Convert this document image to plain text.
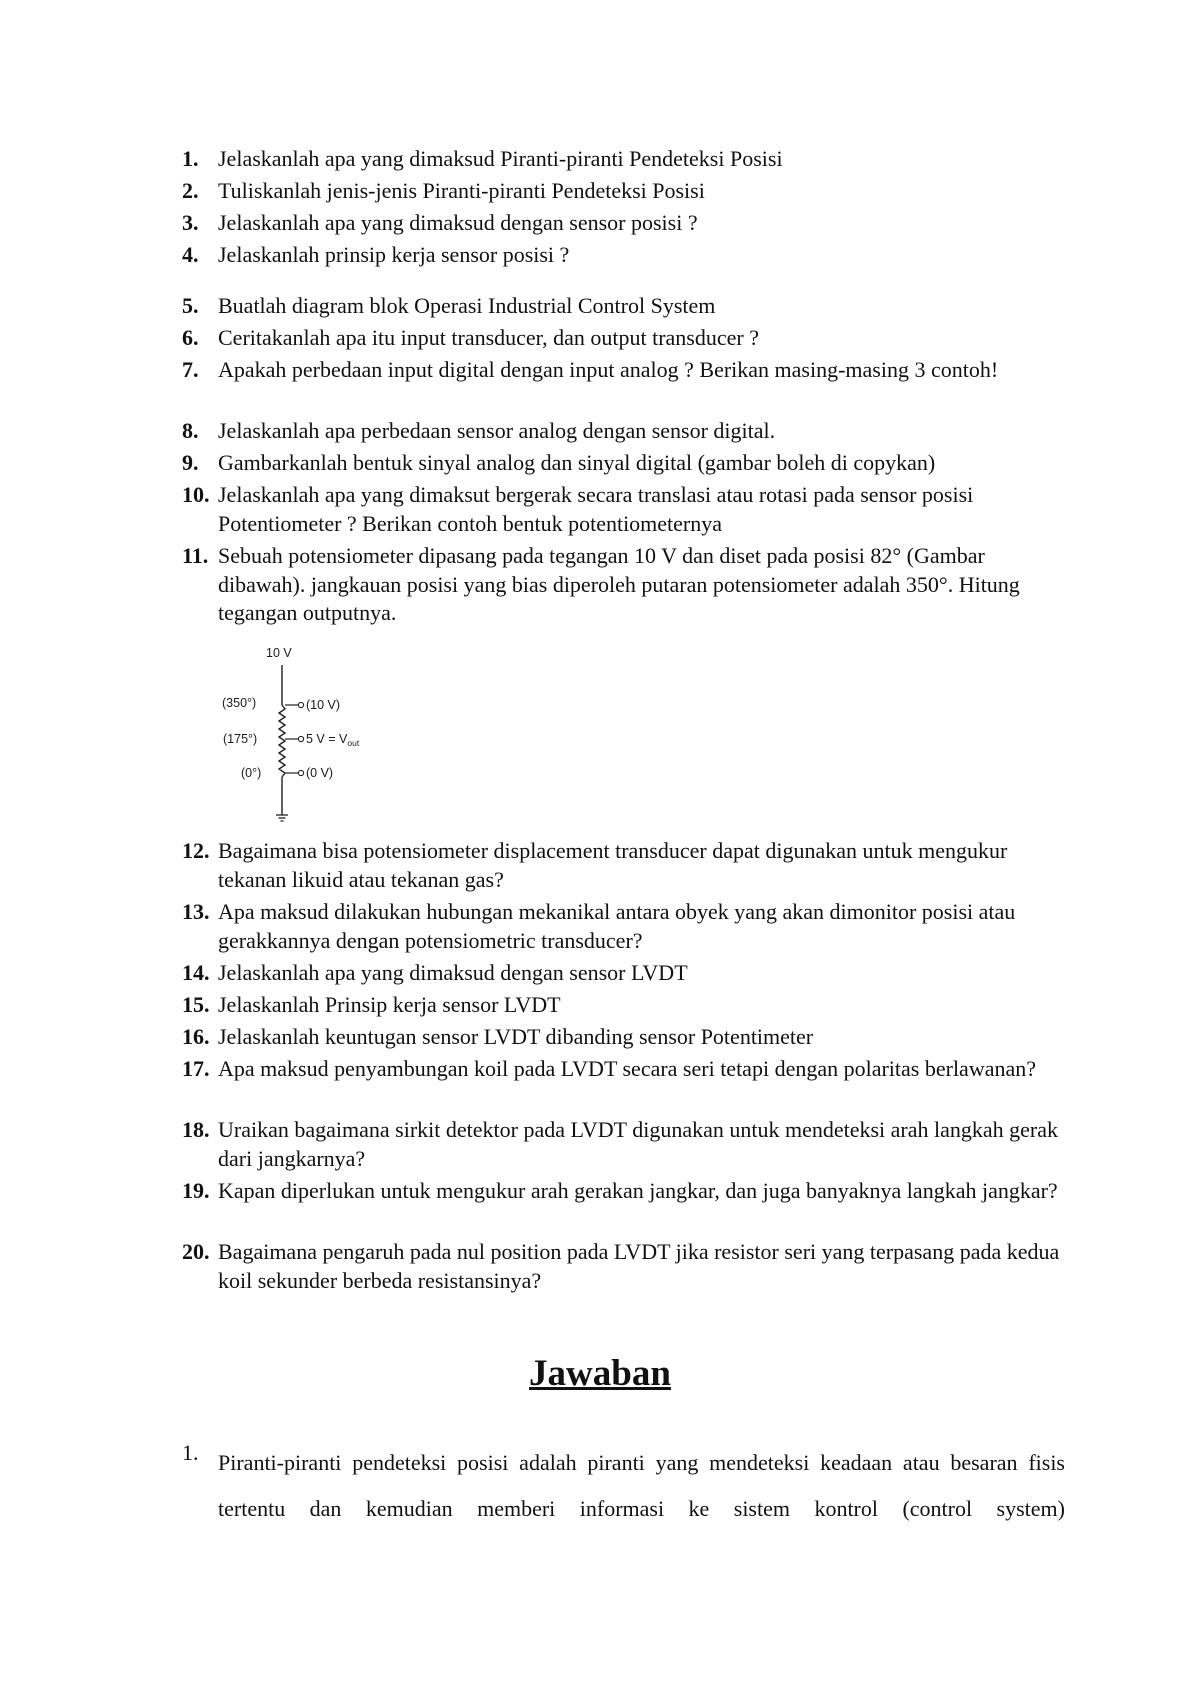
1. Jelaskanlah apa yang dimaksud Piranti-piranti Pendeteksi Posisi
2. Tuliskanlah jenis-jenis Piranti-piranti Pendeteksi Posisi
3. Jelaskanlah apa yang dimaksud dengan sensor posisi ?
4. Jelaskanlah prinsip kerja sensor posisi ?
5. Buatlah diagram blok Operasi Industrial Control System
6. Ceritakanlah apa itu input transducer, dan output transducer ?
7. Apakah perbedaan input digital dengan input analog ? Berikan masing-masing 3 contoh!
8. Jelaskanlah apa perbedaan sensor analog dengan sensor digital.
9. Gambarkanlah bentuk sinyal analog dan sinyal digital (gambar boleh di copykan)
10. Jelaskanlah apa yang dimaksut bergerak secara translasi atau rotasi pada sensor posisi Potentiometer ? Berikan contoh bentuk potentiometernya
11. Sebuah potensiometer dipasang pada tegangan 10 V dan diset pada posisi 82° (Gambar dibawah). jangkauan posisi yang bias diperoleh putaran potensiometer adalah 350°. Hitung tegangan outputnya.
12. Bagaimana bisa potensiometer displacement transducer dapat digunakan untuk mengukur tekanan likuid atau tekanan gas?
13. Apa maksud dilakukan hubungan mekanikal antara obyek yang akan dimonitor posisi atau gerakkannya dengan potensiometric transducer?
14. Jelaskanlah apa yang dimaksud dengan sensor LVDT
15. Jelaskanlah Prinsip kerja sensor LVDT
16. Jelaskanlah keuntugan sensor LVDT dibanding sensor Potentimeter
17. Apa maksud penyambungan koil pada LVDT secara seri tetapi dengan polaritas berlawanan?
18. Uraikan bagaimana sirkit detektor pada LVDT digunakan untuk mendeteksi arah langkah gerak dari jangkarnya?
19. Kapan diperlukan untuk mengukur arah gerakan jangkar, dan juga banyaknya langkah jangkar?
20. Bagaimana pengaruh pada nul position pada LVDT jika resistor seri yang terpasang pada kedua koil sekunder berbeda resistansinya?
10 V
(350°)	(10 V)
(175°)	5 $V = V_{out}$
(0°)	(0 V)
Jawaban
1. Piranti-piranti pendeteksi posisi adalah piranti yang mendeteksi keadaan atau besaran fisis tertentu dan kemudian memberi informasi ke sistem kontrol (control system)
